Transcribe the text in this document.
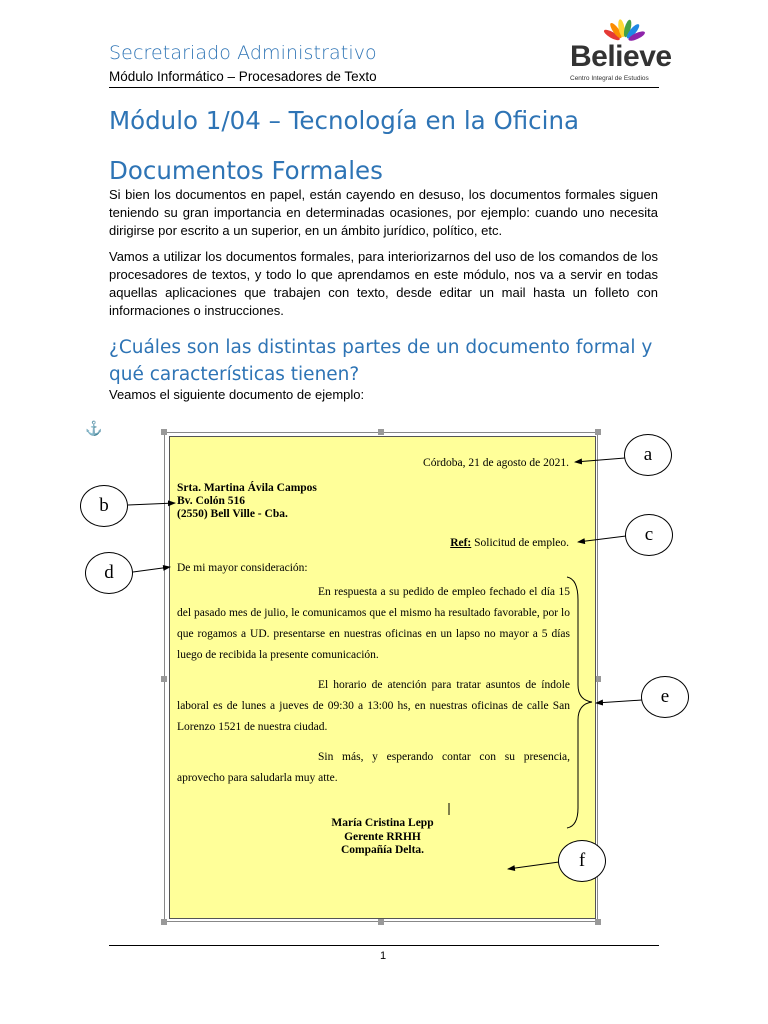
Secretariado Administrativo
Módulo Informático – Procesadores de Texto
Believe
Centro Integral de Estudios
Módulo 1/04 – Tecnología en la Oficina
Documentos Formales
Si bien los documentos en papel, están cayendo en desuso, los documentos formales siguen teniendo su gran importancia en determinadas ocasiones, por ejemplo: cuando uno necesita dirigirse por escrito a un superior, en un ámbito jurídico, político, etc.
Vamos a utilizar los documentos formales, para interiorizarnos del uso de los comandos de los procesadores de textos, y todo lo que aprendamos en este módulo, nos va a servir en todas aquellas aplicaciones que trabajen con texto, desde editar un mail hasta un folleto con informaciones o instrucciones.
¿Cuáles son las distintas partes de un documento formal y qué características tienen?
Veamos el siguiente documento de ejemplo:
⚓
Córdoba, 21 de agosto de 2021.
Srta. Martina Ávila Campos
Bv. Colón 516
(2550) Bell Ville - Cba.
Ref: Solicitud de empleo.
De mi mayor consideración:
En respuesta a su pedido de empleo fechado el día 15 del pasado mes de julio, le comunicamos que el mismo ha resultado favorable, por lo que rogamos a UD. presentarse en nuestras oficinas en un lapso no mayor a 5 días luego de recibida la presente comunicación.
El horario de atención para tratar asuntos de índole laboral es de lunes a jueves de 09:30 a 13:00 hs, en nuestras oficinas de calle San Lorenzo 1521 de nuestra ciudad.
Sin más, y esperando contar con su presencia, aprovecho para saludarla muy atte.
María Cristina Lepp
Gerente RRHH
Compañía Delta.
a
b
c
d
e
f
1
